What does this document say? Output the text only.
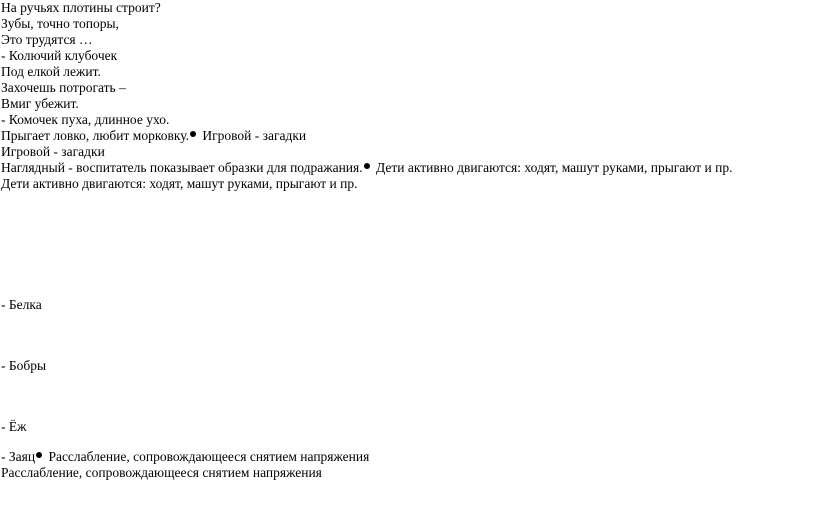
На ручьях плотины строит?
Зубы, точно топоры,
Это трудятся …
- Колючий клубочек
Под елкой лежит.
Захочешь потрогать –
Вмиг убежит.
- Комочек пуха, длинное ухо.
Прыгает ловко, любит морковку. Игровой - загадки
Игровой - загадки
Наглядный - воспитатель показывает образки для подражания. Дети активно двигаются: ходят, машут руками, прыгают и пр.
Дети активно двигаются: ходят, машут руками, прыгают и пр.
- Белка
- Бобры
- Ёж
- Заяц Расслабление, сопровождающееся снятием напряжения
Расслабление, сопровождающееся снятием напряжения
